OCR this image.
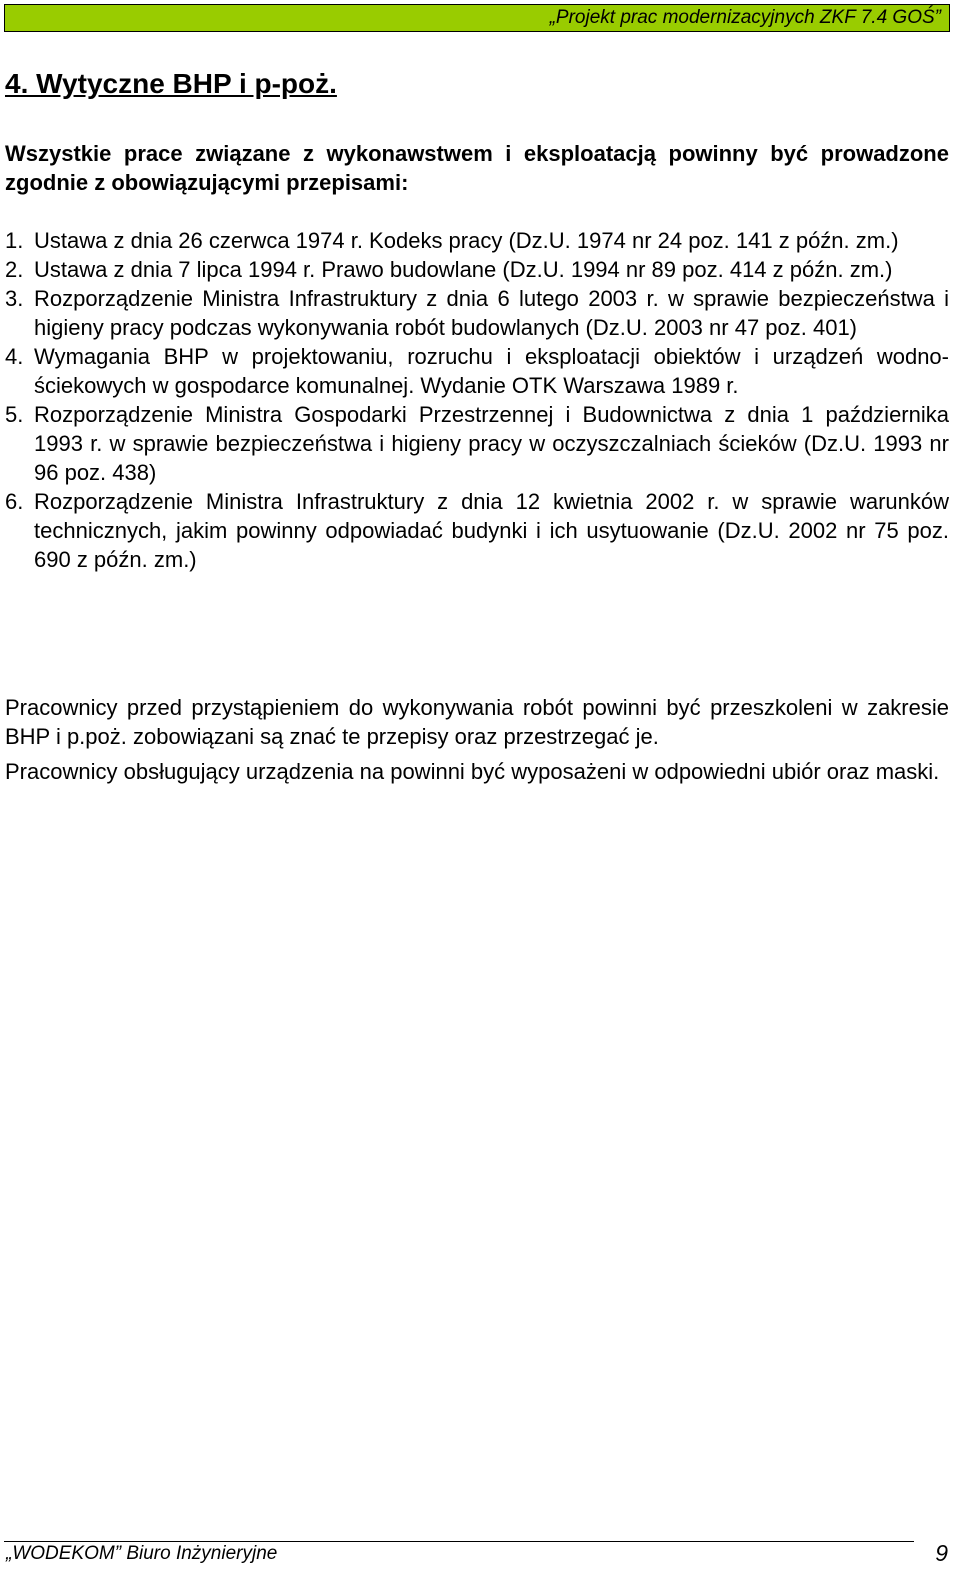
„Projekt prac modernizacyjnych ZKF 7.4 GOŚ”
4. Wytyczne BHP i p-poż.

Wszystkie prace związane z wykonawstwem i eksploatacją powinny być prowadzone zgodnie z obowiązującymi przepisami:

1. Ustawa z dnia 26 czerwca 1974 r. Kodeks pracy (Dz.U. 1974 nr 24 poz. 141 z późn. zm.)
2. Ustawa z dnia 7 lipca 1994 r. Prawo budowlane (Dz.U. 1994 nr 89 poz. 414 z późn. zm.)
3. Rozporządzenie Ministra Infrastruktury z dnia 6 lutego 2003 r. w sprawie bezpieczeństwa i higieny pracy podczas wykonywania robót budowlanych (Dz.U. 2003 nr 47 poz. 401)
4. Wymagania BHP w projektowaniu, rozruchu i eksploatacji obiektów i urządzeń wodno-ściekowych w gospodarce komunalnej. Wydanie OTK Warszawa 1989 r.
5. Rozporządzenie Ministra Gospodarki Przestrzennej i Budownictwa z dnia 1 października 1993 r. w sprawie bezpieczeństwa i higieny pracy w oczyszczalniach ścieków (Dz.U. 1993 nr 96 poz. 438)
6. Rozporządzenie Ministra Infrastruktury z dnia 12 kwietnia 2002 r. w sprawie warunków technicznych, jakim powinny odpowiadać budynki i ich usytuowanie (Dz.U. 2002 nr 75 poz. 690 z późn. zm.)

Pracownicy przed przystąpieniem do wykonywania robót powinni być przeszkoleni w zakresie BHP i p.poż. zobowiązani są znać te przepisy oraz przestrzegać je.

Pracownicy obsługujący urządzenia na powinni być wyposażeni w odpowiedni ubiór oraz maski.

„WODEKOM” Biuro Inżynieryjne	9
